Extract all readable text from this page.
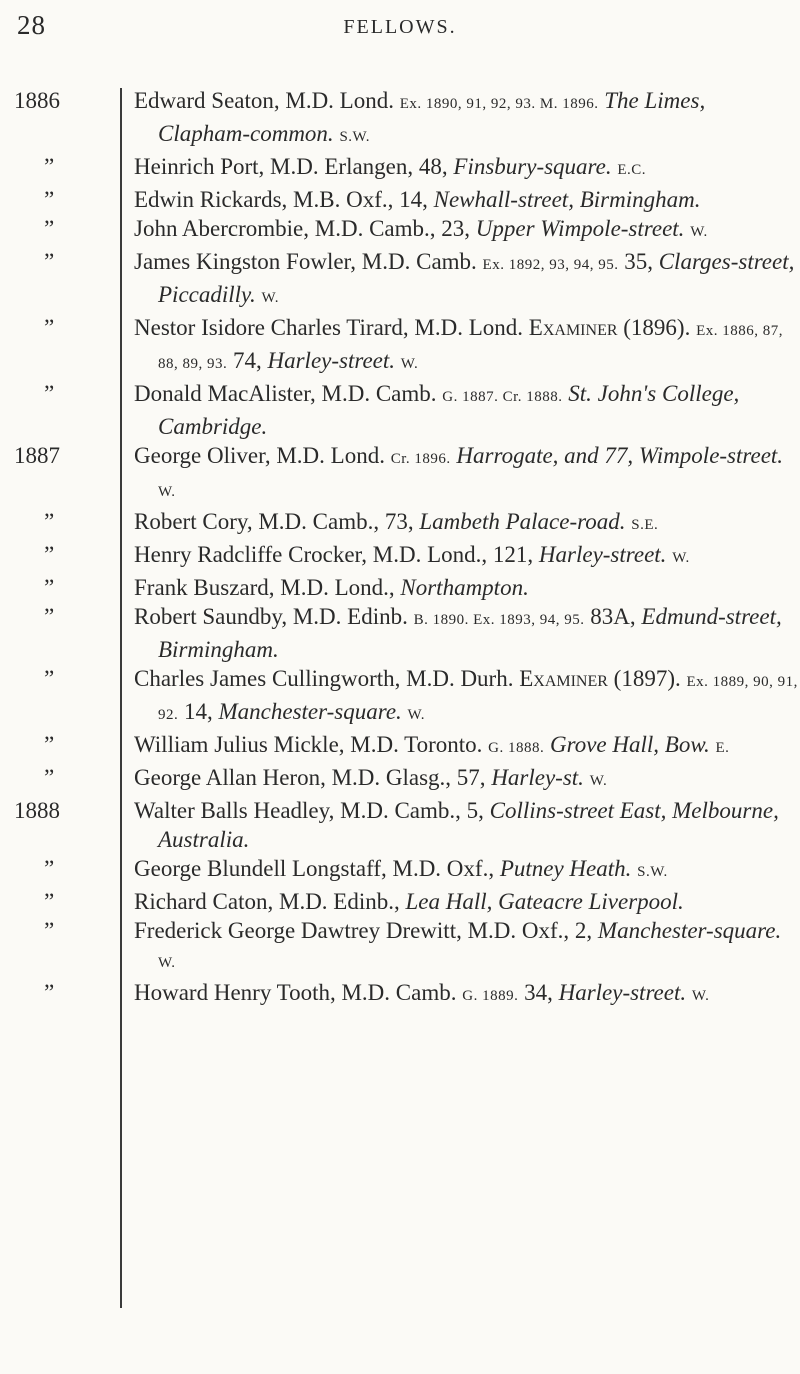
28	FELLOWS.
1886	Edward Seaton, M.D. Lond. Ex. 1890, 91, 92, 93. M. 1896. The Limes, Clapham-common. S.W.
”	Heinrich Port, M.D. Erlangen, 48, Finsbury-square. E.C.
”	Edwin Rickards, M.B. Oxf., 14, Newhall-street, Birmingham.
”	John Abercrombie, M.D. Camb., 23, Upper Wimpole-street. W.
”	James Kingston Fowler, M.D. Camb. Ex. 1892, 93, 94, 95. 35, Clarges-street, Piccadilly. W.
”	Nestor Isidore Charles Tirard, M.D. Lond. Examiner (1896). Ex. 1886, 87, 88, 89, 93. 74, Harley-street. W.
”	Donald MacAlister, M.D. Camb. G. 1887. Cr. 1888. St. John's College, Cambridge.
1887	George Oliver, M.D. Lond. Cr. 1896. Harrogate, and 77, Wimpole-street. W.
”	Robert Cory, M.D. Camb., 73, Lambeth Palace-road. S.E.
”	Henry Radcliffe Crocker, M.D. Lond., 121, Harley-street. W.
”	Frank Buszard, M.D. Lond., Northampton.
”	Robert Saundby, M.D. Edinb. B. 1890. Ex. 1893, 94, 95. 83A, Edmund-street, Birmingham.
”	Charles James Cullingworth, M.D. Durh. Examiner (1897). Ex. 1889, 90, 91, 92. 14, Manchester-square. W.
”	William Julius Mickle, M.D. Toronto. G. 1888. Grove Hall, Bow. E.
”	George Allan Heron, M.D. Glasg., 57, Harley-st. W.
1888	Walter Balls Headley, M.D. Camb., 5, Collins-street East, Melbourne, Australia.
”	George Blundell Longstaff, M.D. Oxf., Putney Heath. S.W.
”	Richard Caton, M.D. Edinb., Lea Hall, Gateacre Liverpool.
”	Frederick George Dawtrey Drewitt, M.D. Oxf., 2, Manchester-square. W.
”	Howard Henry Tooth, M.D. Camb. G. 1889. 34, Harley-street. W.
